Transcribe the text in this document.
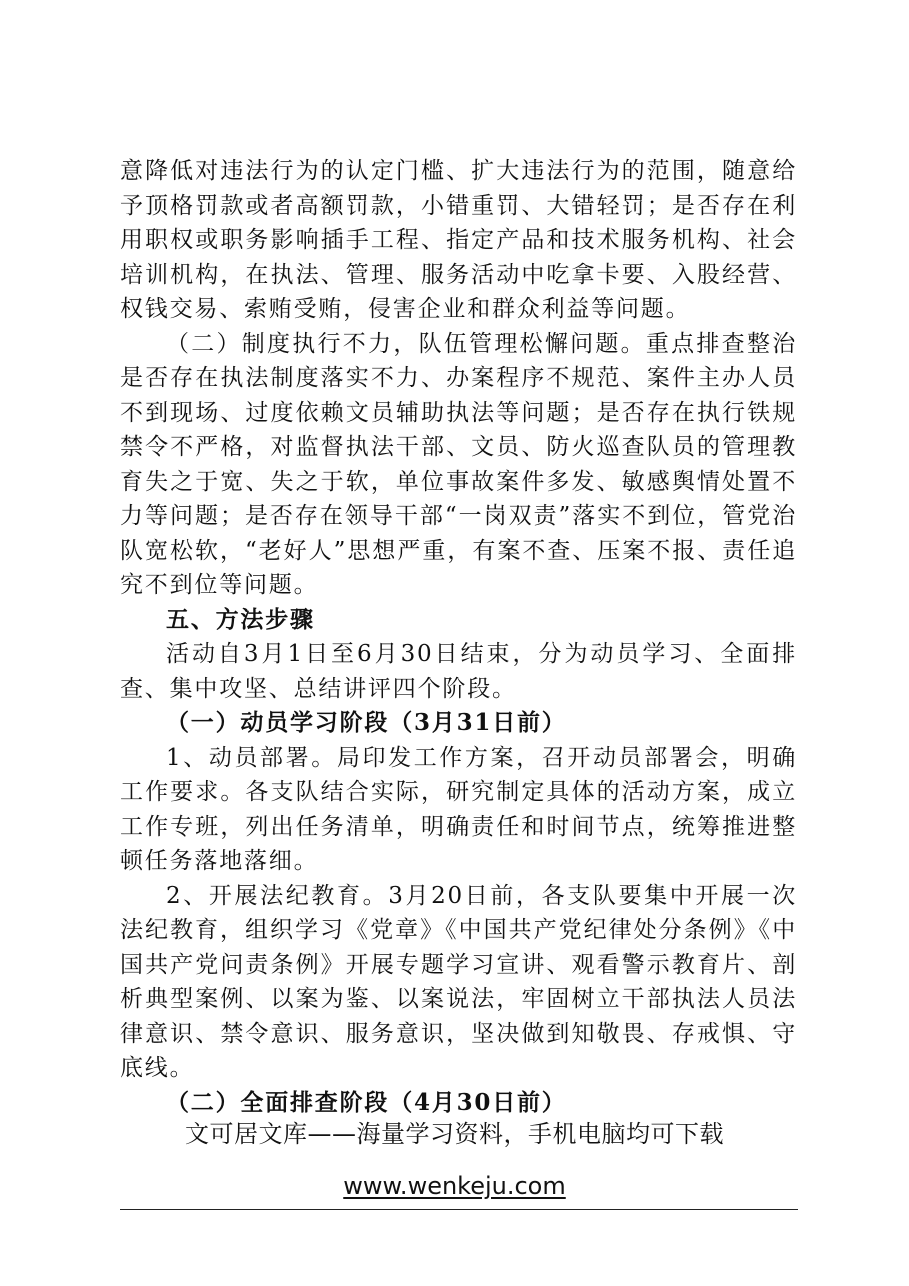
意降低对违法行为的认定门槛、扩大违法行为的范围，随意给予顶格罚款或者高额罚款，小错重罚、大错轻罚；是否存在利用职权或职务影响插手工程、指定产品和技术服务机构、社会培训机构，在执法、管理、服务活动中吃拿卡要、入股经营、权钱交易、索贿受贿，侵害企业和群众利益等问题。

（二）制度执行不力，队伍管理松懈问题。重点排查整治是否存在执法制度落实不力、办案程序不规范、案件主办人员不到现场、过度依赖文员辅助执法等问题；是否存在执行铁规禁令不严格，对监督执法干部、文员、防火巡查队员的管理教育失之于宽、失之于软，单位事故案件多发、敏感舆情处置不力等问题；是否存在领导干部“一岗双责”落实不到位，管党治队宽松软，“老好人”思想严重，有案不查、压案不报、责任追究不到位等问题。

五、方法步骤

活动自3月1日至6月30日结束，分为动员学习、全面排查、集中攻坚、总结讲评四个阶段。

（一）动员学习阶段（3月31日前）

1、动员部署。局印发工作方案，召开动员部署会，明确工作要求。各支队结合实际，研究制定具体的活动方案，成立工作专班，列出任务清单，明确责任和时间节点，统筹推进整顿任务落地落细。

2、开展法纪教育。3月20日前，各支队要集中开展一次法纪教育，组织学习《党章》《中国共产党纪律处分条例》《中国共产党问责条例》开展专题学习宣讲、观看警示教育片、剖析典型案例、以案为鉴、以案说法，牢固树立干部执法人员法律意识、禁令意识、服务意识，坚决做到知敬畏、存戒惧、守底线。

（二）全面排查阶段（4月30日前）

文可居文库——海量学习资料，手机电脑均可下载
www.wenkeju.com
